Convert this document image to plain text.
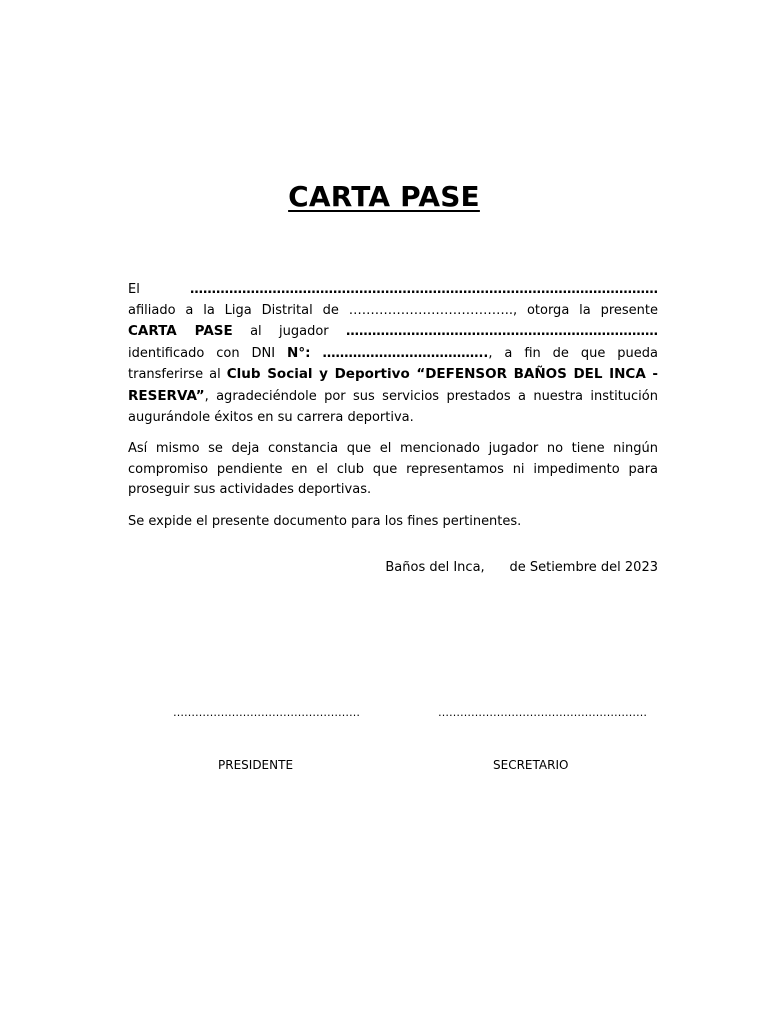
CARTA PASE

El ……………………………………………………………………………………………… afiliado a la Liga Distrital de ……………………………….., otorga la presente CARTA PASE al jugador ……………………………………………………………… identificado con DNI N°: ……………………………….., a fin de que pueda transferirse al Club Social y Deportivo “DEFENSOR BAÑOS DEL INCA - RESERVA”, agradeciéndole por sus servicios prestados a nuestra institución augurándole éxitos en su carrera deportiva.

Así mismo se deja constancia que el mencionado jugador no tiene ningún compromiso pendiente en el club que representamos ni impedimento para proseguir sus actividades deportivas.

Se expide el presente documento para los fines pertinentes.

Baños del Inca,      de Setiembre del 2023
……………………………………………	…………………………………………………
PRESIDENTE	SECRETARIO
